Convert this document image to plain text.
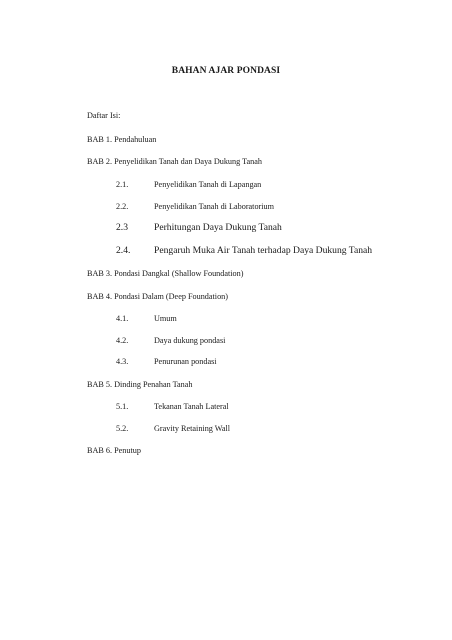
BAHAN AJAR PONDASI
Daftar Isi:
BAB 1. Pendahuluan
BAB 2. Penyelidikan Tanah dan Daya Dukung Tanah
2.1.	Penyelidikan Tanah di Lapangan
2.2.	Penyelidikan Tanah di Laboratorium
2.3	Perhitungan Daya Dukung Tanah
2.4. Pengaruh Muka Air Tanah terhadap Daya Dukung Tanah
BAB 3. Pondasi Dangkal (Shallow Foundation)
BAB 4. Pondasi Dalam (Deep Foundation)
4.1.	Umum
4.2.	Daya dukung pondasi
4.3.	Penurunan pondasi
BAB 5. Dinding Penahan Tanah
5.1.	Tekanan Tanah Lateral
5.2.	Gravity Retaining Wall
BAB 6. Penutup
